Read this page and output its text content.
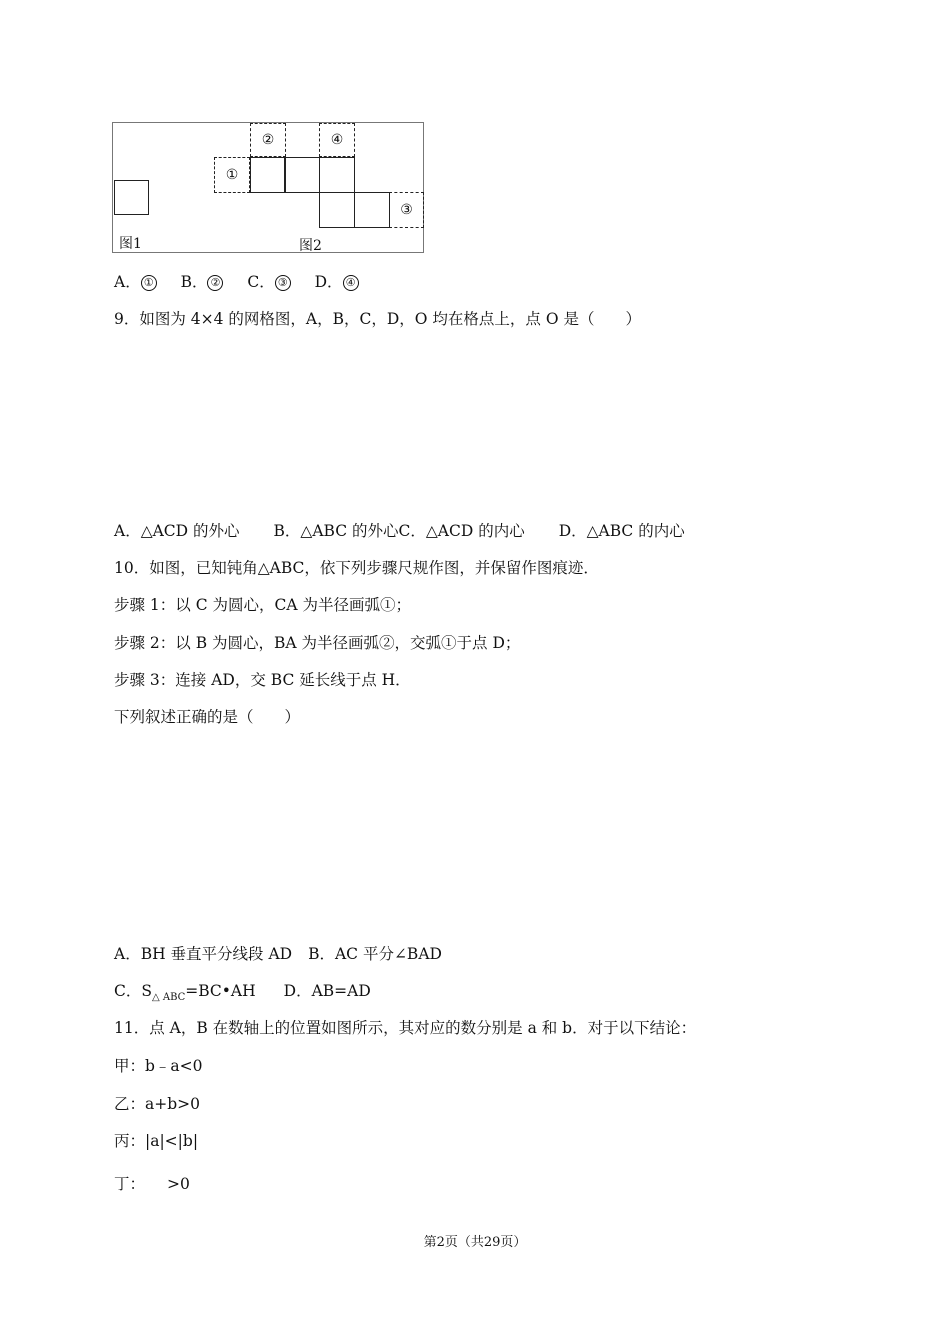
①
②	④
③
图1	图2
A． ① B． ② C． ③ D． ④
9．如图为 4×4 的网格图，A，B，C，D，O 均在格点上，点 O 是（　　）
A．△ACD 的外心 B．△ABC 的外心C．△ACD 的内心 D．△ABC 的内心
10．如图，已知钝角△ABC，依下列步骤尺规作图，并保留作图痕迹．
步骤 1：以 C 为圆心，CA 为半径画弧①；
步骤 2：以 B 为圆心，BA 为半径画弧②，交弧①于点 D；
步骤 3：连接 AD，交 BC 延长线于点 H．
下列叙述正确的是（　　）
A．BH 垂直平分线段 AD B．AC 平分∠BAD
C．$S_{\triangle ABC}=BC•AH$ D．AB=AD
11．点 A，B 在数轴上的位置如图所示，其对应的数分别是 a 和 b．对于以下结论：
甲：b﹣a<0
乙：a+b>0
丙：|a|<|b|
丁： >0
第2页（共29页）
